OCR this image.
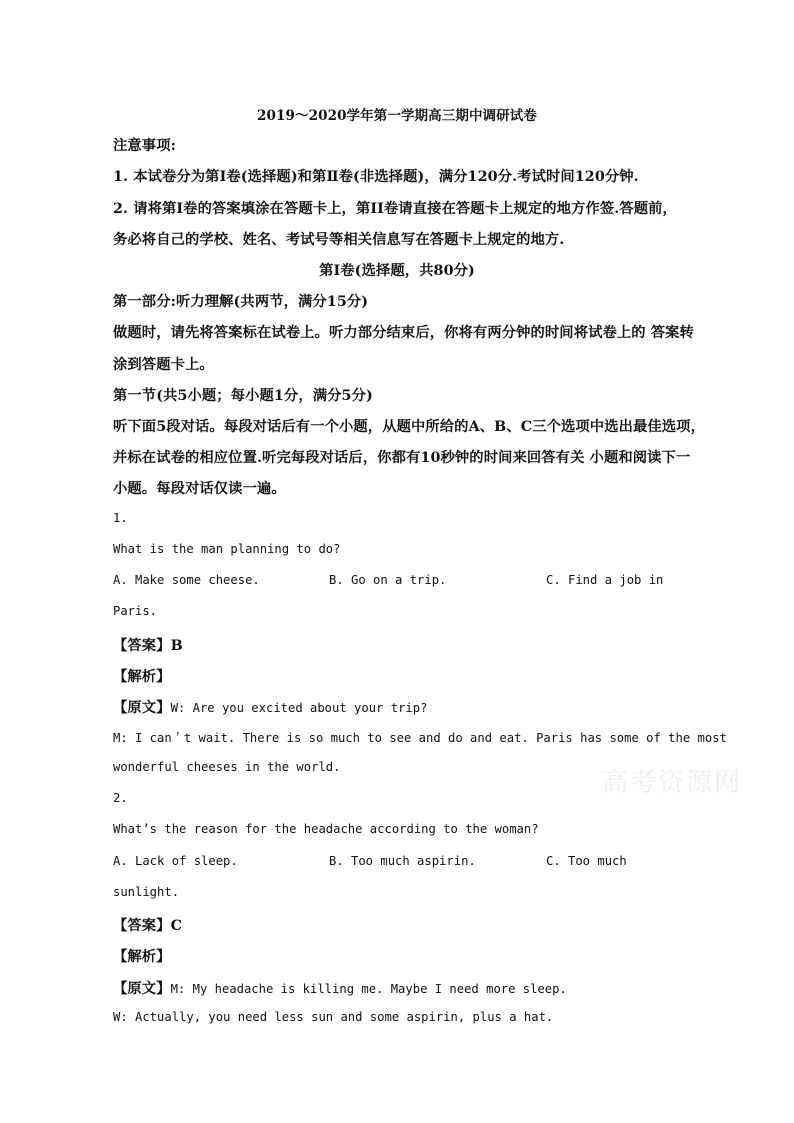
2019～2020学年第一学期高三期中调研试卷
注意事项:
1. 本试卷分为第Ⅰ卷(选择题)和第Ⅱ卷(非选择题)，满分120分.考试时间120分钟.
2. 请将第Ⅰ卷的答案填涂在答题卡上，第II卷请直接在答题卡上规定的地方作签.答题前，
务必将自己的学校、姓名、考试号等相关信息写在答题卡上规定的地方.
第Ⅰ卷(选择题，共80分)
第一部分:听力理解(共两节，满分15分)
做题时，请先将答案标在试卷上。听力部分结束后，你将有两分钟的时间将试卷上的 答案转
涂到答题卡上。
第一节(共5小题；每小题1分，满分5分)
听下面5段对话。每段对话后有一个小题，从题中所给的A、B、C三个选项中选出最佳选项，
并标在试卷的相应位置.听完每段对话后，你都有10秒钟的时间来回答有关 小题和阅读下一
小题。每段对话仅读一遍。
1.
What is the man planning to do?
A. Make some cheese.	B. Go on a trip.	C. Find a job in
Paris.
【答案】B
【解析】
【原文】W: Are you excited about your trip?
M: I can＇t wait. There is so much to see and do and eat. Paris has some of the most
wonderful cheeses in the world.
2.
What’s the reason for the headache according to the woman?
A. Lack of sleep.	B. Too much aspirin.	C. Too much
sunlight.
【答案】C
【解析】
【原文】M: My headache is killing me. Maybe I need more sleep.
W: Actually, you need less sun and some aspirin, plus a hat.
高考资源网
